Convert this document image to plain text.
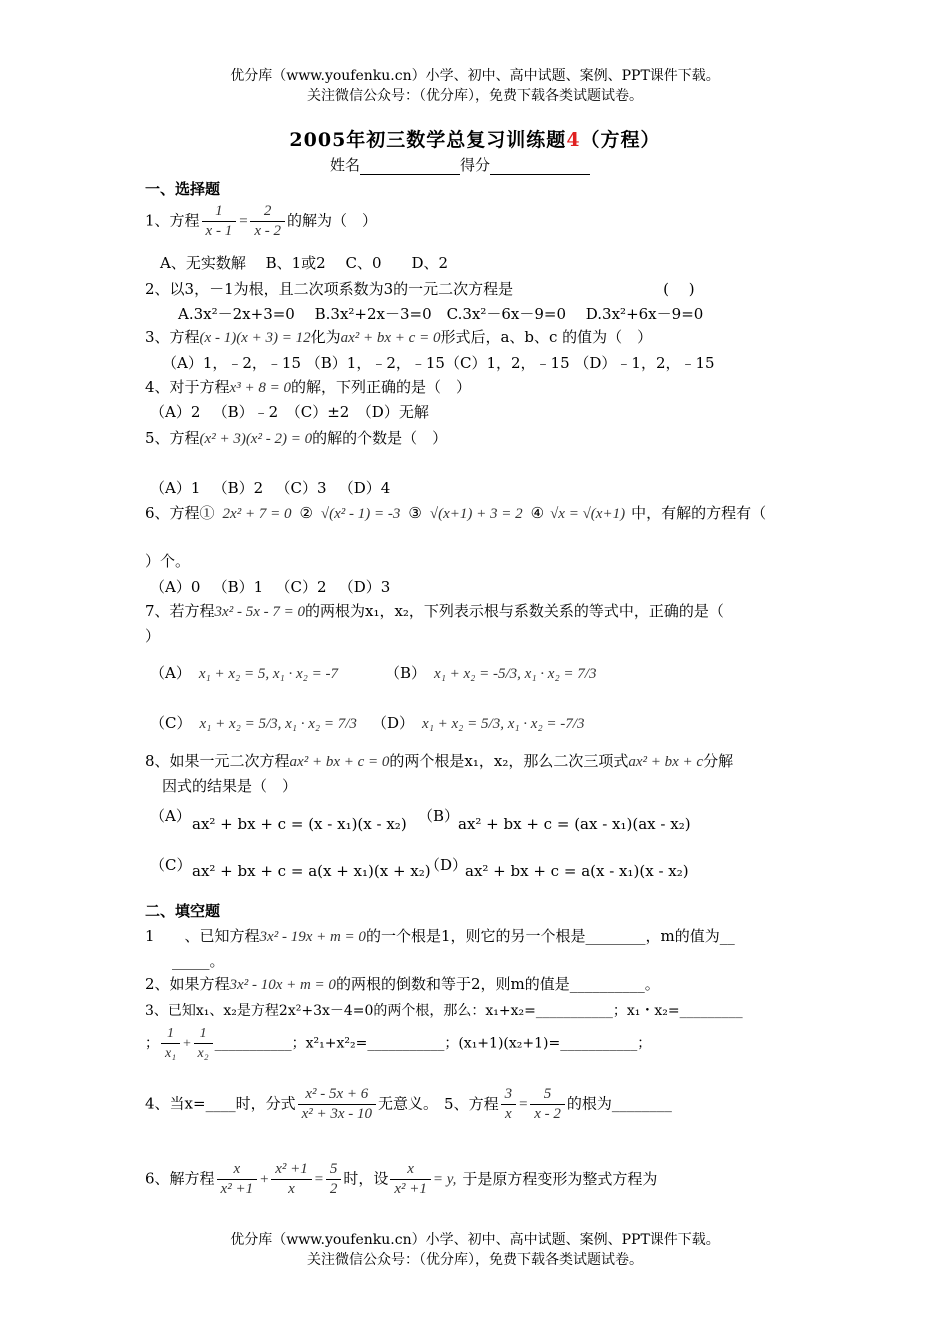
优分库（www.youfenku.cn）小学、初中、高中试题、案例、PPT课件下载。
关注微信公众号：（优分库），免费下载各类试题试卷。
2005年初三数学总复习训练题4（方程）
姓名	得分
一、选择题
1、方程 $\frac{1}{x - 1} = \frac{2}{x - 2}$ 的解为（　）
A、无实数解　 B、1或2　 C、0　　D、2
2、以3，－1为根，且二次项系数为3的一元二次方程是　　　　　　　　　　(　 )
A.3x²－2x+3=0　 B.3x²+2x－3=0　C.3x²－6x－9=0　 D.3x²+6x－9=0
3、方程(x - 1)(x + 3) = 12化为ax² + bx + c = 0形式后，a、b、c 的值为（　）
（A）1，﹣2，﹣15 （B）1，﹣2，﹣15（C）1，2，﹣15 （D）﹣1，2，﹣15
4、对于方程x³ + 8 = 0的解，下列正确的是（　）
（A）2 　（B）﹣2　（C）±2　（D）无解
5、方程(x² + 3)(x² - 2) = 0的解的个数是（　）
（A）1 　（B）2 　（C）3 　（D）4
6、方程① 2x² + 7 = 0 ② √(x² - 1) = -3 ③ √(x+1) + 3 = 2 ④ √x = √(x+1) 中，有解的方程有（
）个。
（A）0 　（B）1 　（C）2 　（D）3
7、若方程3x² - 5x - 7 = 0的两根为x₁，x₂，下列表示根与系数关系的等式中，正确的是（
）
（A） x₁ + x₂ = 5, x₁ · x₂ = -7	（B） x₁ + x₂ = -5/3, x₁ · x₂ = 7/3
（C） x₁ + x₂ = 5/3, x₁ · x₂ = 7/3 （D） x₁ + x₂ = 5/3, x₁ · x₂ = -7/3
8、如果一元二次方程ax² + bx + c = 0的两个根是x₁，x₂，那么二次三项式ax² + bx + c分解
因式的结果是（　）
（A） ax² + bx + c = (x - x₁)(x - x₂) （B）
ax² + bx + c = (ax - x₁)(ax - x₂)
（C） ax² + bx + c = a(x + x₁)(x + x₂)
（D）
ax² + bx + c = a(x - x₁)(x - x₂)
二、填空题
1　　、已知方程3x² - 19x + m = 0的一个根是1，则它的另一个根是________，m的值为__
_____。
2、如果方程3x² - 10x + m = 0的两根的倒数和等于2，则m的值是__________。
3、已知x₁、x₂是方程2x²+3x－4=0的两个根，那么：x₁+x₂=___________；x₁・x₂=_________
； $\frac{1}{\text{x₁}} + \frac{1}{\text{x₂}}$ ___________；x²₁+x²₂=___________；(x₁+1)(x₂+1)=___________；
4、当x=____时，分式 $\frac{\text{x² - 5x + 6}}{\text{x² + 3x - 10}}$ 无意义。 5、方程 $\frac{3}{x} = \frac{5}{x - 2}$ 的根为________
6、解方程 $\frac{x}{\text{x² +1}} + \frac{\text{x² +1}}{x} = \frac{5}{2}$ 时，设 $\frac{x}{\text{x² +1}} = y$, 于是原方程变形为整式方程为
优分库（www.youfenku.cn）小学、初中、高中试题、案例、PPT课件下载。
关注微信公众号：（优分库），免费下载各类试题试卷。
